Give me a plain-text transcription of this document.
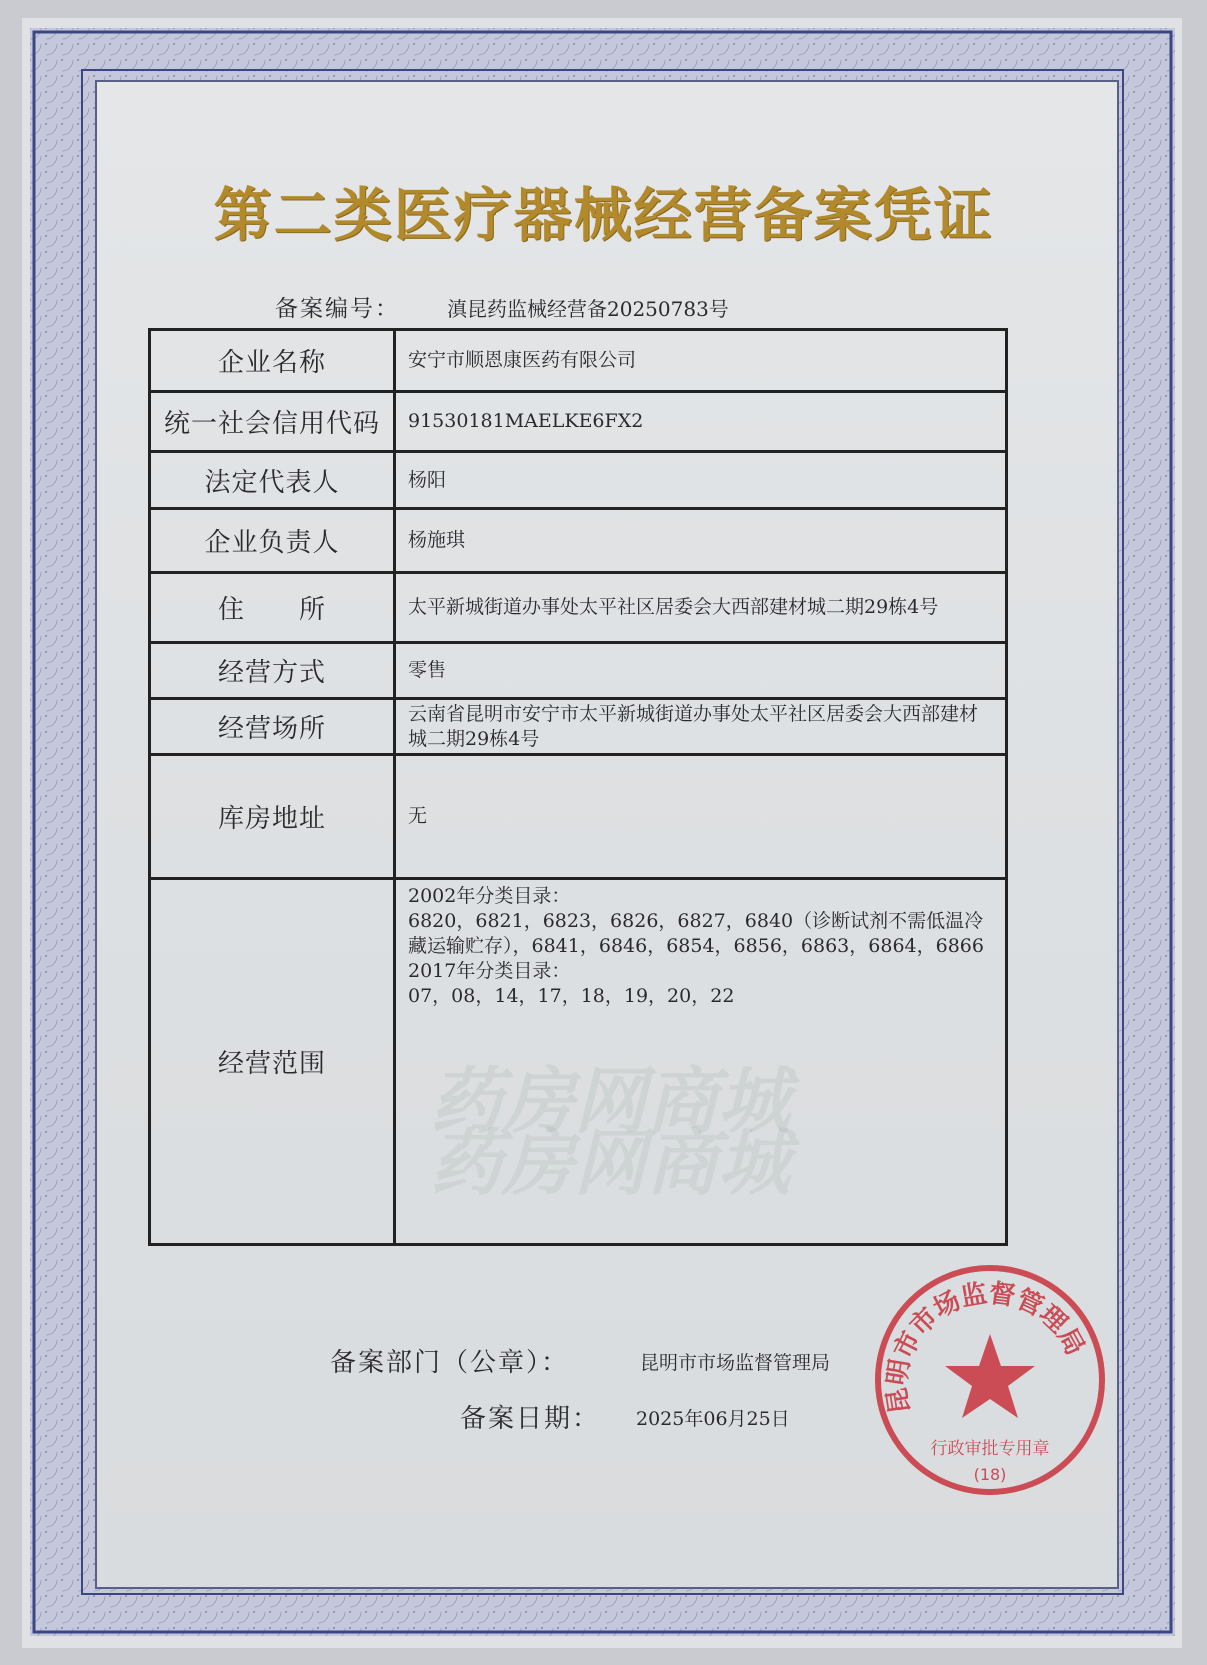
药房网商城
药房网商城
第二类医疗器械经营备案凭证
备案编号： 滇昆药监械经营备20250783号
企业名称	安宁市顺恩康医药有限公司
统一社会信用代码	91530181MAELKE6FX2
法定代表人	杨阳
企业负责人	杨施琪
住　　所	太平新城街道办事处太平社区居委会大西部建材城二期29栋4号
经营方式	零售
经营场所	云南省昆明市安宁市太平新城街道办事处太平社区居委会大西部建材城二期29栋4号
库房地址	无
经营范围	2002年分类目录：
6820，6821，6823，6826，6827，6840（诊断试剂不需低温冷藏运输贮存），6841，6846，6854，6856，6863，6864，6866
2017年分类目录：
07，08，14，17，18，19，20，22
备案部门（公章）：	昆明市市场监督管理局
备案日期： 2025年06月25日
昆明市市场监督管理局
行政审批专用章
(18)
